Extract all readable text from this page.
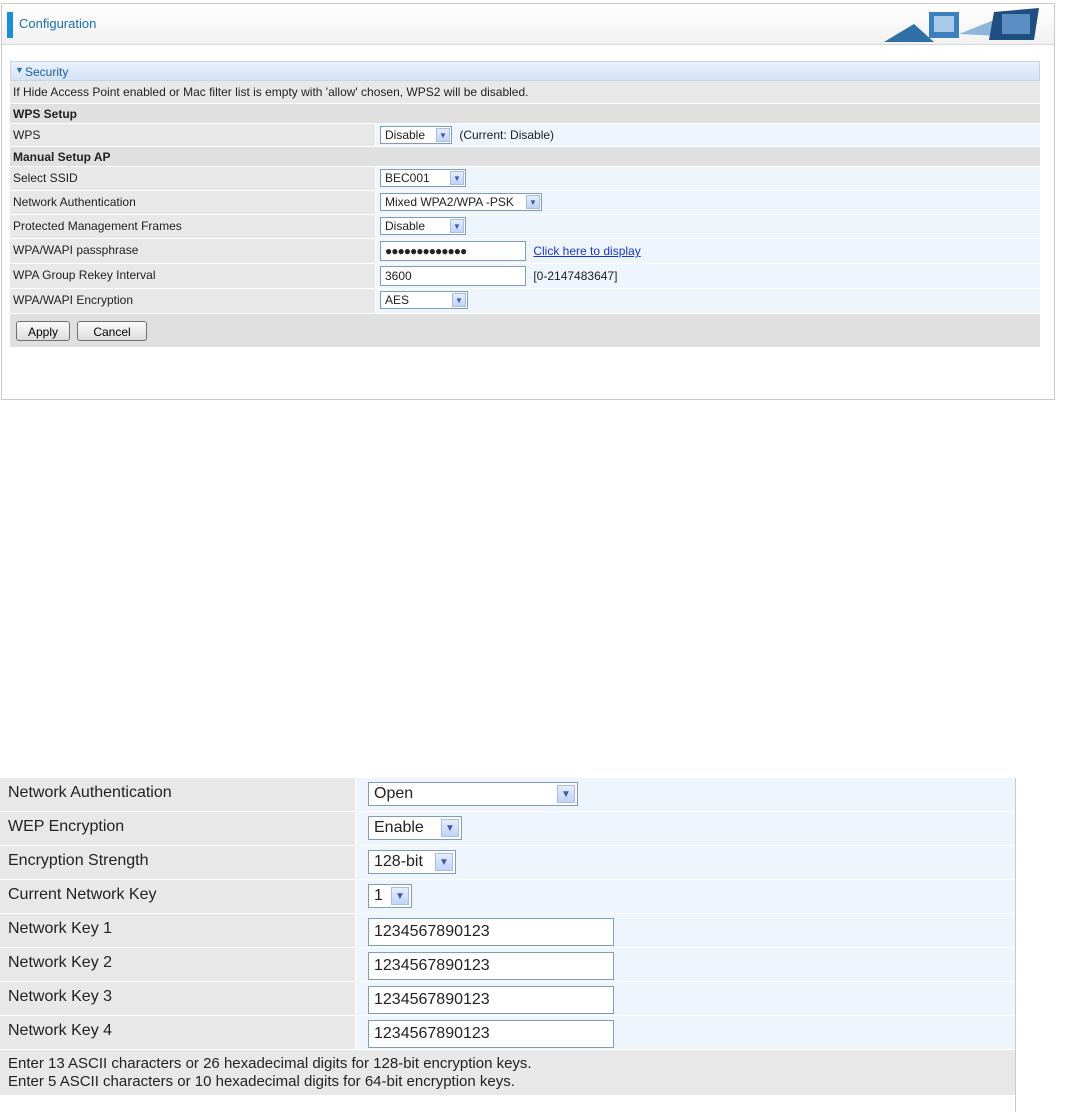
Configuration
▼ Security
If Hide Access Point enabled or Mac filter list is empty with 'allow' chosen, WPS2 will be disabled.
WPS Setup
WPS	Disable	▼ (Current: Disable)
Manual Setup AP
Select SSID	BEC001	▼
Network Authentication	Mixed WPA2/WPA -PSK	▼
Protected Management Frames	Disable	▼
WPA/WAPI passphrase	●●●●●●●●●●●●●	Click here to display
WPA Group Rekey Interval	3600	[0-2147483647]
WPA/WAPI Encryption	AES	▼
Apply	Cancel
Network Authentication	Open	▼
WEP Encryption	Enable	▼
Encryption Strength	128-bit	▼
Current Network Key	1	▼
Network Key 1	1234567890123
Network Key 2	1234567890123
Network Key 3	1234567890123
Network Key 4	1234567890123
Enter 13 ASCII characters or 26 hexadecimal digits for 128-bit encryption keys.
Enter 5 ASCII characters or 10 hexadecimal digits for 64-bit encryption keys.
